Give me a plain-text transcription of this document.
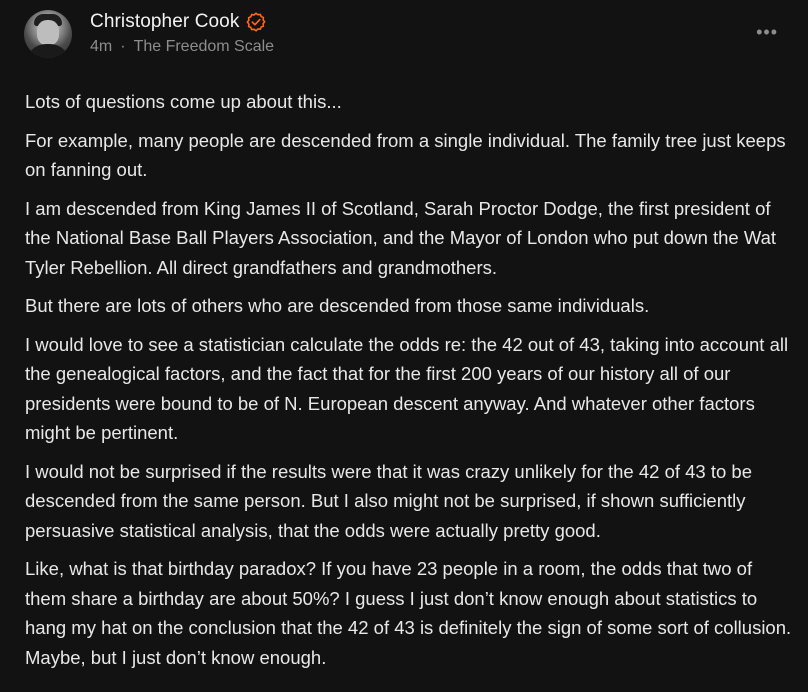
Christopher Cook
4m · The Freedom Scale
•••

Lots of questions come up about this...

For example, many people are descended from a single individual. The family tree just keeps on fanning out.

I am descended from King James II of Scotland, Sarah Proctor Dodge, the first president of the National Base Ball Players Association, and the Mayor of London who put down the Wat Tyler Rebellion. All direct grandfathers and grandmothers.

But there are lots of others who are descended from those same individuals.

I would love to see a statistician calculate the odds re: the 42 out of 43, taking into account all the genealogical factors, and the fact that for the first 200 years of our history all of our presidents were bound to be of N. European descent anyway. And whatever other factors might be pertinent.

I would not be surprised if the results were that it was crazy unlikely for the 42 of 43 to be descended from the same person. But I also might not be surprised, if shown sufficiently persuasive statistical analysis, that the odds were actually pretty good.

Like, what is that birthday paradox? If you have 23 people in a room, the odds that two of them share a birthday are about 50%? I guess I just don’t know enough about statistics to hang my hat on the conclusion that the 42 of 43 is definitely the sign of some sort of collusion. Maybe, but I just don’t know enough.
